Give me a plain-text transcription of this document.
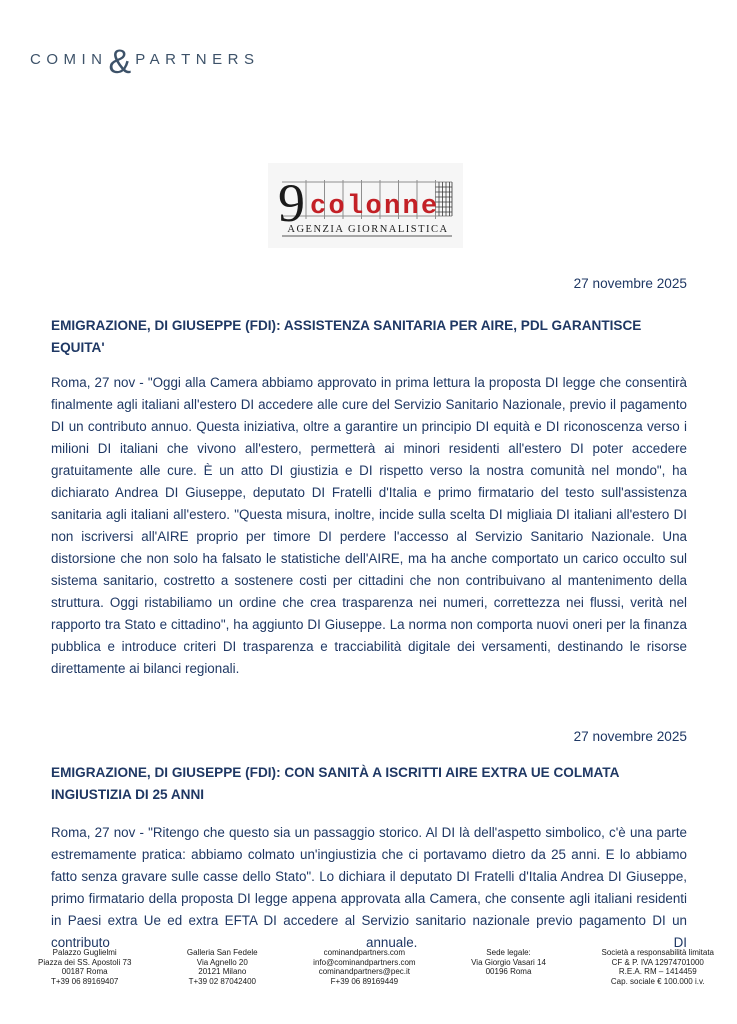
COMIN & PARTNERS
9 colonne
AGENZIA GIORNALISTICA
27 novembre 2025
EMIGRAZIONE, DI GIUSEPPE (FDI): ASSISTENZA SANITARIA PER AIRE, PDL GARANTISCE EQUITA'
Roma, 27 nov - "Oggi alla Camera abbiamo approvato in prima lettura la proposta DI legge che consentirà finalmente agli italiani all'estero DI accedere alle cure del Servizio Sanitario Nazionale, previo il pagamento DI un contributo annuo. Questa iniziativa, oltre a garantire un principio DI equità e DI riconoscenza verso i milioni DI italiani che vivono all'estero, permetterà ai minori residenti all'estero DI poter accedere gratuitamente alle cure. È un atto DI giustizia e DI rispetto verso la nostra comunità nel mondo", ha dichiarato Andrea DI Giuseppe, deputato DI Fratelli d'Italia e primo firmatario del testo sull'assistenza sanitaria agli italiani all'estero. "Questa misura, inoltre, incide sulla scelta DI migliaia DI italiani all'estero DI non iscriversi all'AIRE proprio per timore DI perdere l'accesso al Servizio Sanitario Nazionale. Una distorsione che non solo ha falsato le statistiche dell'AIRE, ma ha anche comportato un carico occulto sul sistema sanitario, costretto a sostenere costi per cittadini che non contribuivano al mantenimento della struttura. Oggi ristabiliamo un ordine che crea trasparenza nei numeri, correttezza nei flussi, verità nel rapporto tra Stato e cittadino", ha aggiunto DI Giuseppe. La norma non comporta nuovi oneri per la finanza pubblica e introduce criteri DI trasparenza e tracciabilità digitale dei versamenti, destinando le risorse direttamente ai bilanci regionali.
27 novembre 2025
EMIGRAZIONE, DI GIUSEPPE (FDI): CON SANITÀ A ISCRITTI AIRE EXTRA UE COLMATA INGIUSTIZIA DI 25 ANNI
Roma, 27 nov - "Ritengo che questo sia un passaggio storico. Al DI là dell'aspetto simbolico, c'è una parte estremamente pratica: abbiamo colmato un'ingiustizia che ci portavamo dietro da 25 anni. E lo abbiamo fatto senza gravare sulle casse dello Stato". Lo dichiara il deputato DI Fratelli d'Italia Andrea DI Giuseppe, primo firmatario della proposta DI legge appena approvata alla Camera, che consente agli italiani residenti in Paesi extra Ue ed extra EFTA DI accedere al Servizio sanitario nazionale previo pagamento DI un contributo annuale. DI
Palazzo Guglielmi
Piazza dei SS. Apostoli 73
00187 Roma
T+39 06 89169407
Galleria San Fedele
Via Agnello 20
20121 Milano
T+39 02 87042400
cominandpartners.com
info@cominandpartners.com
cominandpartners@pec.it
F+39 06 89169449
Sede legale:
Via Giorgio Vasari 14
00196 Roma
Società a responsabilità limitata
CF & P. IVA 12974701000
R.E.A. RM – 1414459
Cap. sociale € 100.000 i.v.
